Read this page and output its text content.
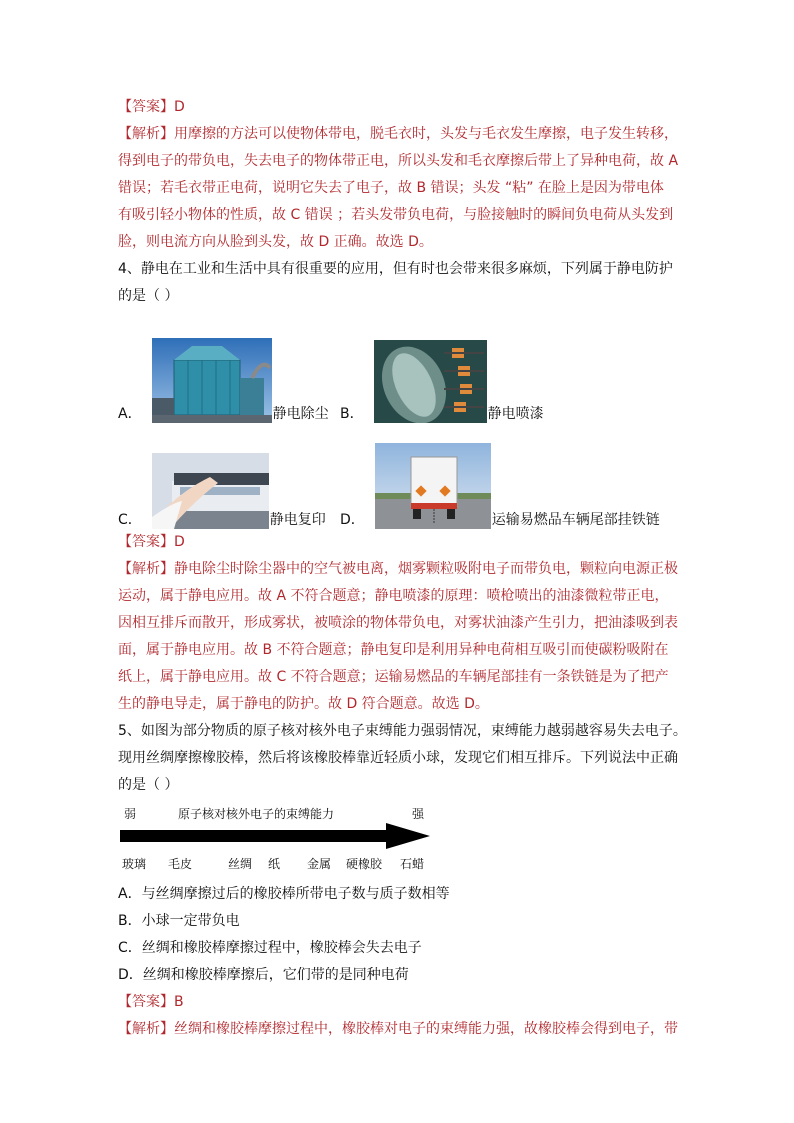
【答案】D
【解析】用摩擦的方法可以使物体带电，脱毛衣时，头发与毛衣发生摩擦，电子发生转移，
得到电子的带负电，失去电子的物体带正电，所以头发和毛衣摩擦后带上了异种电荷，故 A
错误；若毛衣带正电荷，说明它失去了电子，故 B 错误；头发 “粘” 在脸上是因为带电体
有吸引轻小物体的性质，故 C 错误 ；若头发带负电荷，与脸接触时的瞬间负电荷从头发到
脸，则电流方向从脸到头发，故 D 正确。故选 D。
4、静电在工业和生活中具有很重要的应用，但有时也会带来很多麻烦，下列属于静电防护
的是（ ）
A．	静电除尘 B．	静电喷漆
C．	静电复印 D．	运输易燃品车辆尾部挂铁链
【答案】D
【解析】静电除尘时除尘器中的空气被电离，烟雾颗粒吸附电子而带负电，颗粒向电源正极
运动，属于静电应用。故 A 不符合题意；静电喷漆的原理：喷枪喷出的油漆微粒带正电，
因相互排斥而散开，形成雾状，被喷涂的物体带负电，对雾状油漆产生引力，把油漆吸到表
面，属于静电应用。故 B 不符合题意；静电复印是利用异种电荷相互吸引而使碳粉吸附在
纸上，属于静电应用。故 C 不符合题意；运输易燃品的车辆尾部挂有一条铁链是为了把产
生的静电导走，属于静电的防护。故 D 符合题意。故选 D。
5、如图为部分物质的原子核对核外电子束缚能力强弱情况，束缚能力越弱越容易失去电子。
现用丝绸摩擦橡胶棒，然后将该橡胶棒靠近轻质小球，发现它们相互排斥。下列说法中正确
的是（ ）
弱	原子核对核外电子的束缚能力	强
玻璃 毛皮	丝绸 纸 金属 硬橡胶 石蜡
A．与丝绸摩擦过后的橡胶棒所带电子数与质子数相等
B．小球一定带负电
C．丝绸和橡胶棒摩擦过程中，橡胶棒会失去电子
D．丝绸和橡胶棒摩擦后，它们带的是同种电荷
【答案】B
【解析】丝绸和橡胶棒摩擦过程中，橡胶棒对电子的束缚能力强，故橡胶棒会得到电子，带
